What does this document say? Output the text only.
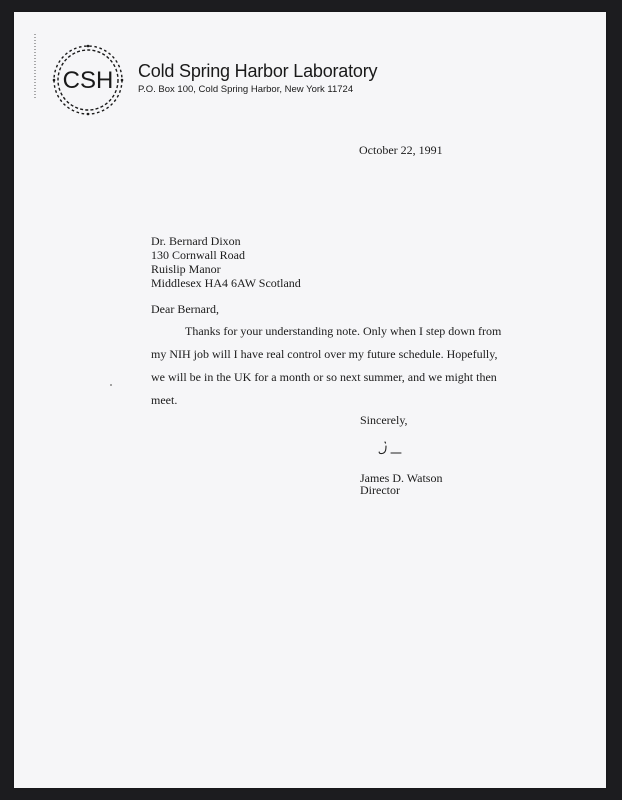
CSH Cold Spring Harbor Laboratory
P.O. Box 100, Cold Spring Harbor, New York 11724
October 22, 1991
Dr. Bernard Dixon
130 Cornwall Road
Ruislip Manor
Middlesex HA4 6AW Scotland
Dear Bernard,
Thanks for your understanding note. Only when I step down from
my NIH job will I have real control over my future schedule. Hopefully,
we will be in the UK for a month or so next summer, and we might then
meet.
Sincerely,
James D. Watson
Director
